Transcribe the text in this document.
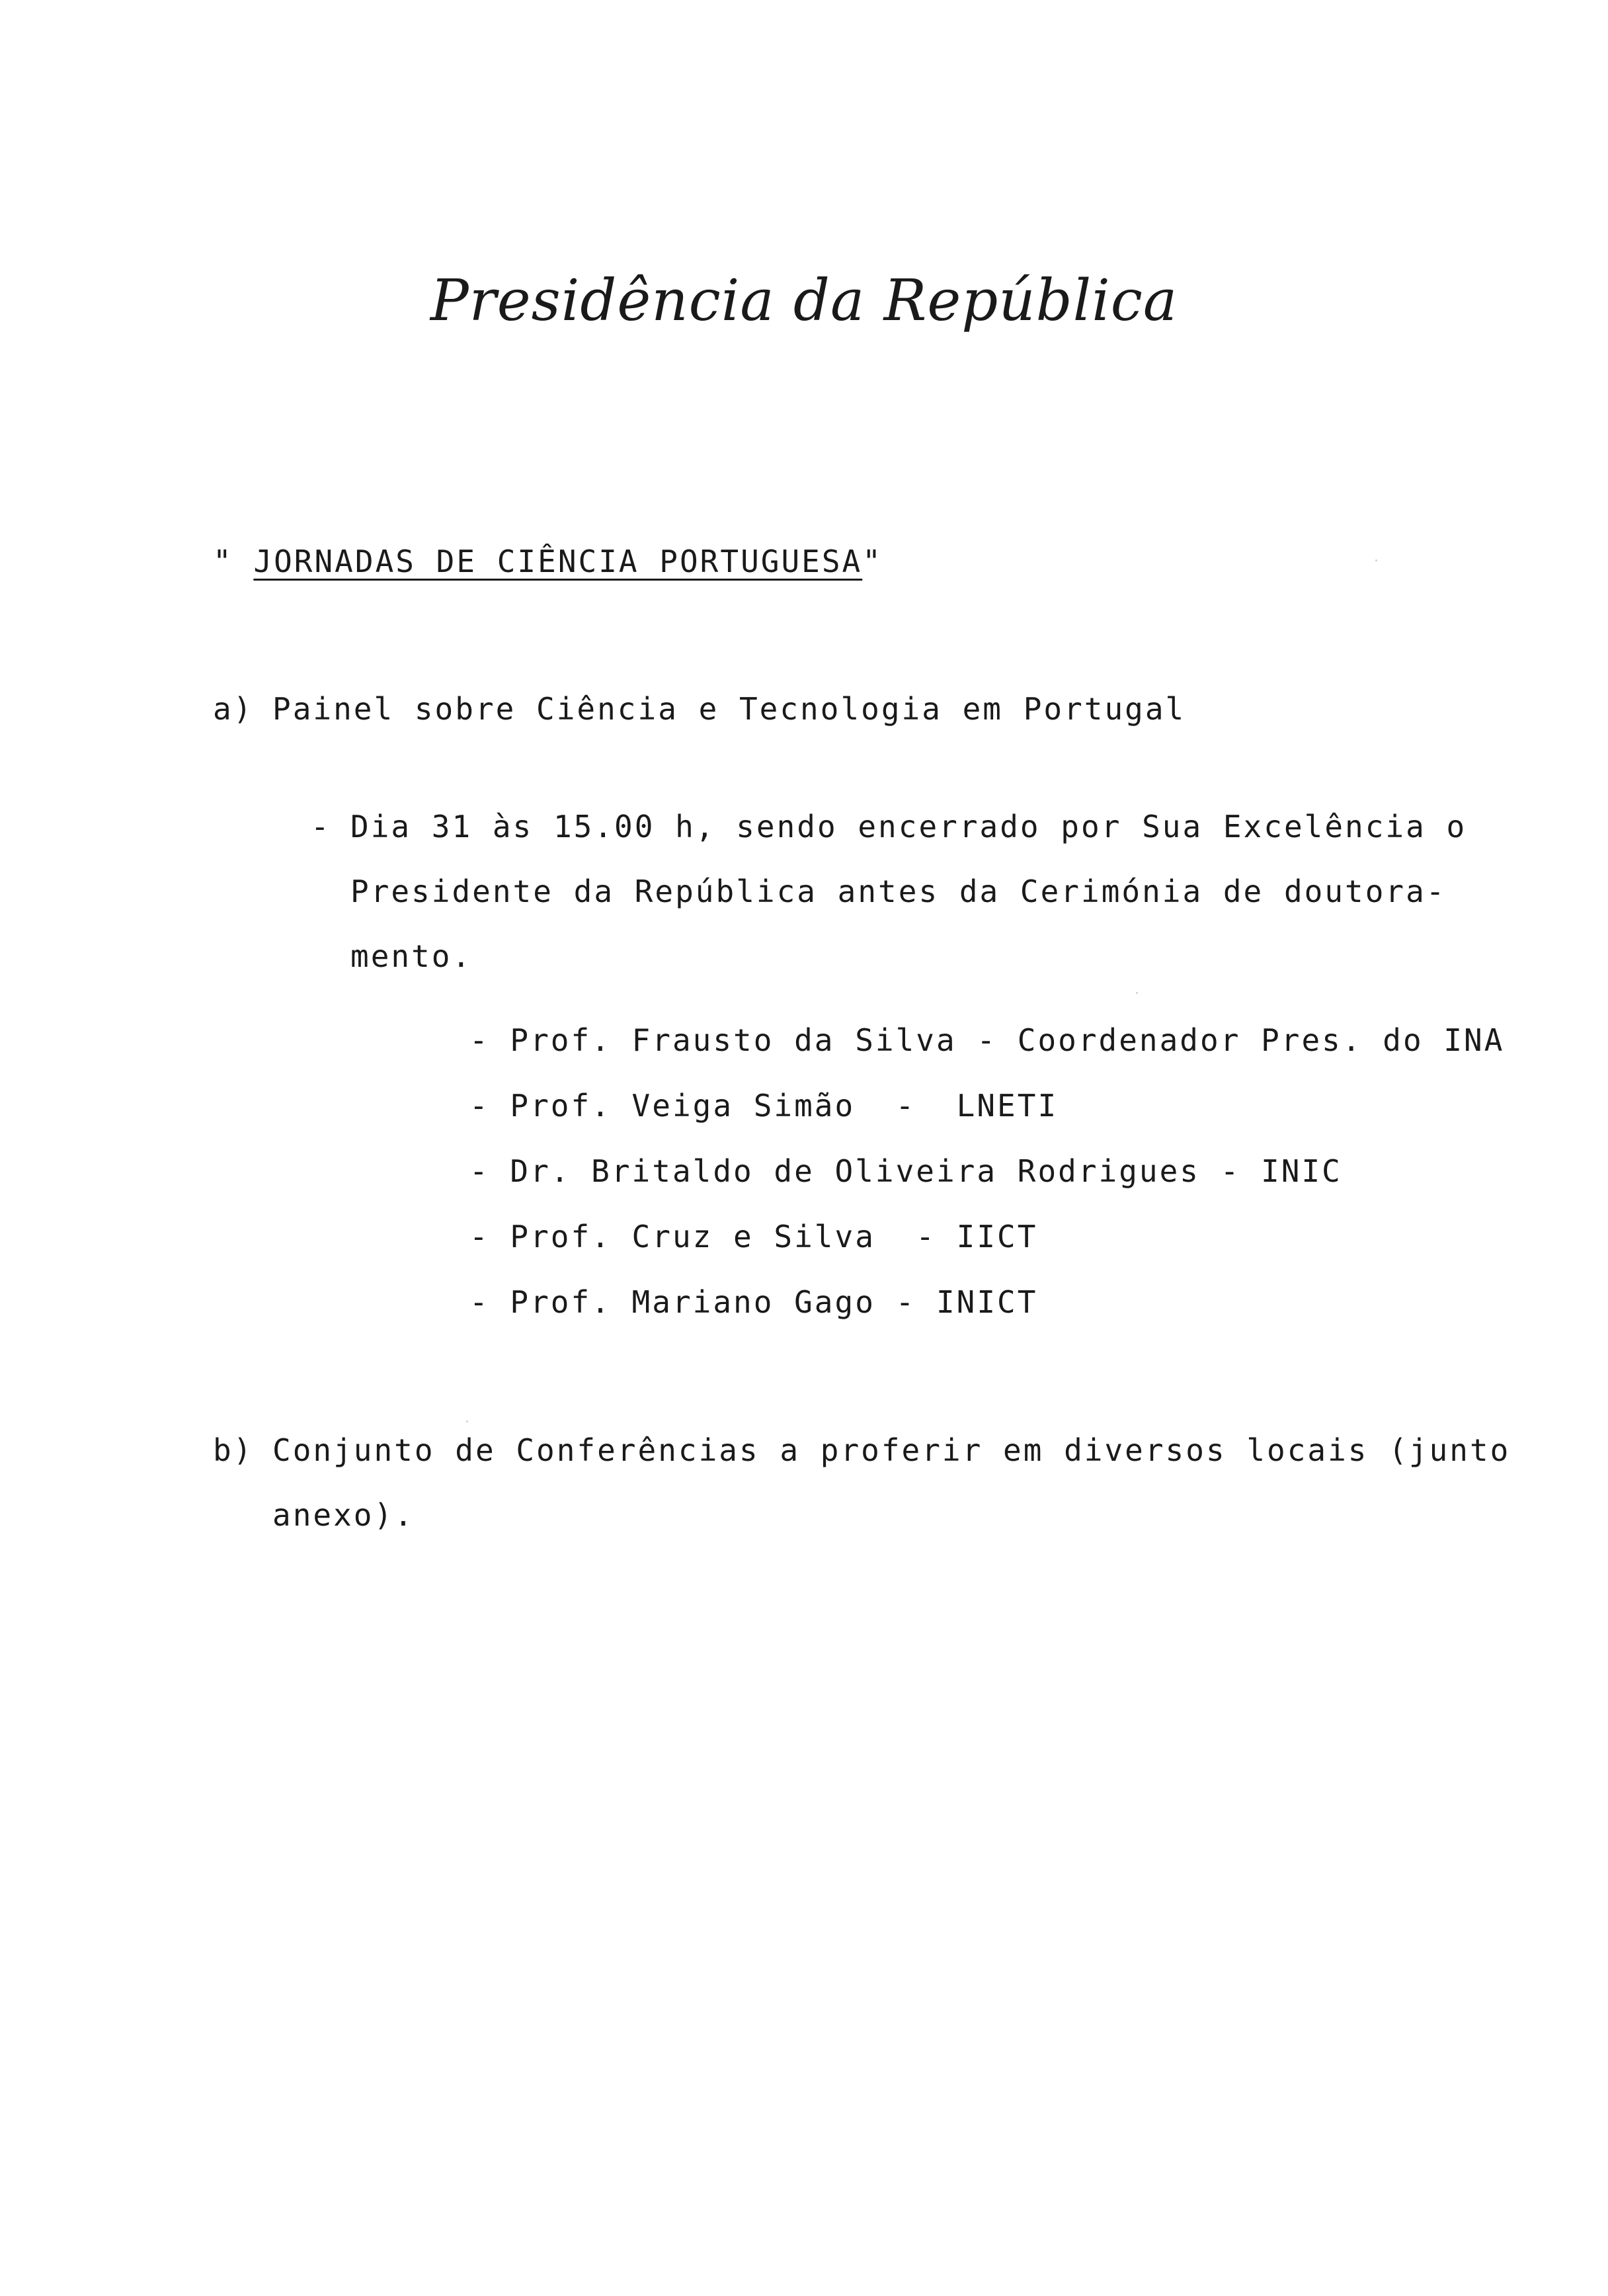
Presidência da República
" JORNADAS DE CIÊNCIA PORTUGUESA"
a) Painel sobre Ciência e Tecnologia em Portugal
- Dia 31 às 15.00 h, sendo encerrado por Sua Excelência o
Presidente da República antes da Cerimónia de doutora-
mento.
- Prof. Frausto da Silva - Coordenador Pres. do INA
- Prof. Veiga Simão  -  LNETI
- Dr. Britaldo de Oliveira Rodrigues - INIC
- Prof. Cruz e Silva  - IICT
- Prof. Mariano Gago - INICT
b) Conjunto de Conferências a proferir em diversos locais (junto
anexo).
